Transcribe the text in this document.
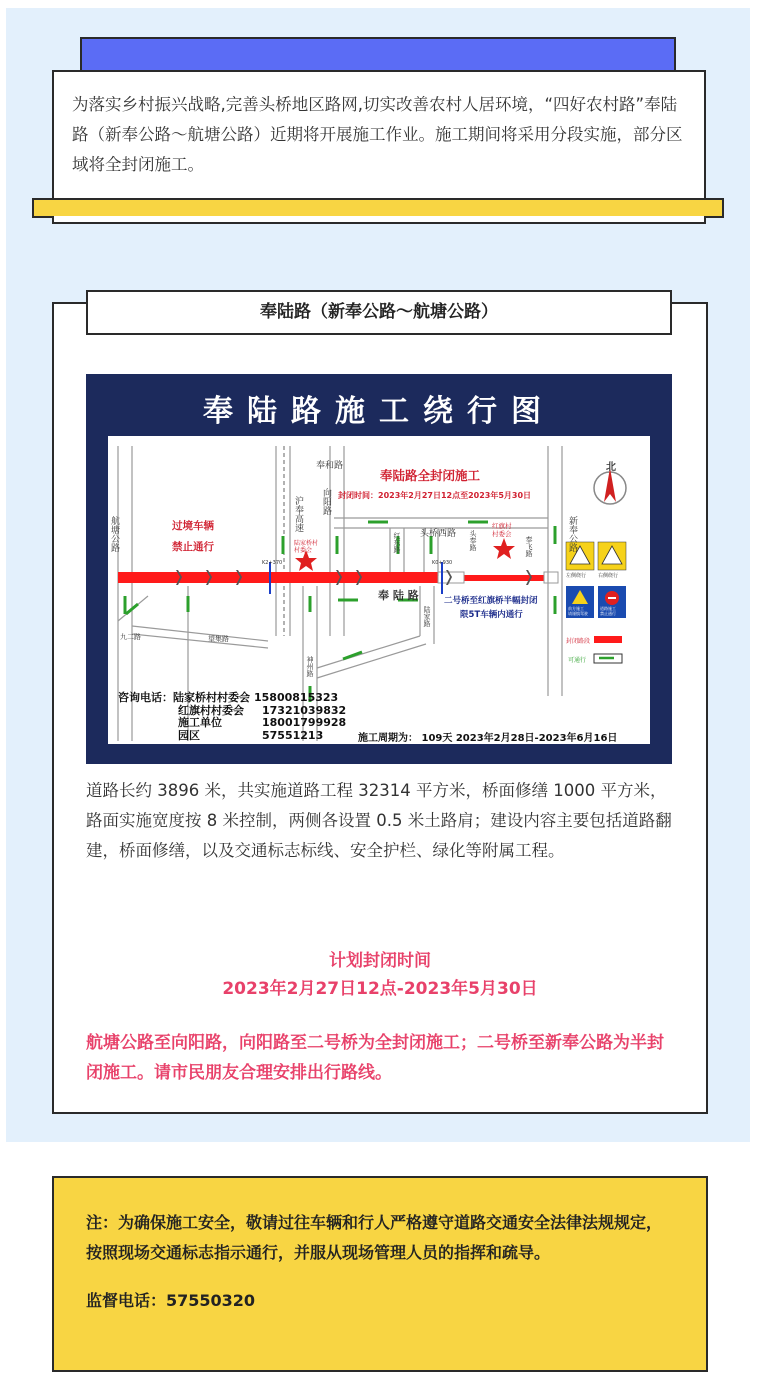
为落实乡村振兴战略,完善头桥地区路网,切实改善农村人居环境，“四好农村路”奉陆路（新奉公路～航塘公路）近期将开展施工作业。施工期间将采用分段实施，部分区域将全封闭施工。

奉陆路（新奉公路～航塘公路）
奉陆路施工绕行图
奉陆路全封闭施工
封闭时间：2023年2月27日12点至2023年5月30日
过境车辆
禁止通行
奉 陆 路
奉和路
头桥西路
航塘公路
沪奉高速 向阳路
新奉公路
红东路	头奉路	奉飞路
陆家路
神州路
九二路	望集路
陆家桥村
村委会
红旗村
村委会
二号桥至红旗桥半幅封闭
限5T车辆内通行
K2+370	K0+930
北
左侧绕行 右侧绕行
前方施工
请谨慎驾驶
道路施工
禁止通行
封闭路段
可通行
咨询电话：陆家桥村村委会 15800815323
红旗村村委会	17321039832
施工单位	18001799928
园区	57551213	施工周期为： 109天 2023年2月28日-2023年6月16日

道路长约 3896 米，共实施道路工程 32314 平方米，桥面修缮 1000 平方米，路面实施宽度按 8 米控制，两侧各设置 0.5 米土路肩；建设内容主要包括道路翻建，桥面修缮，以及交通标志标线、安全护栏、绿化等附属工程。

计划封闭时间
2023年2月27日12点-2023年5月30日

航塘公路至向阳路，向阳路至二号桥为全封闭施工；二号桥至新奉公路为半封闭施工。请市民朋友合理安排出行路线。

注：为确保施工安全，敬请过往车辆和行人严格遵守道路交通安全法律法规规定，按照现场交通标志指示通行，并服从现场管理人员的指挥和疏导。

监督电话：57550320
